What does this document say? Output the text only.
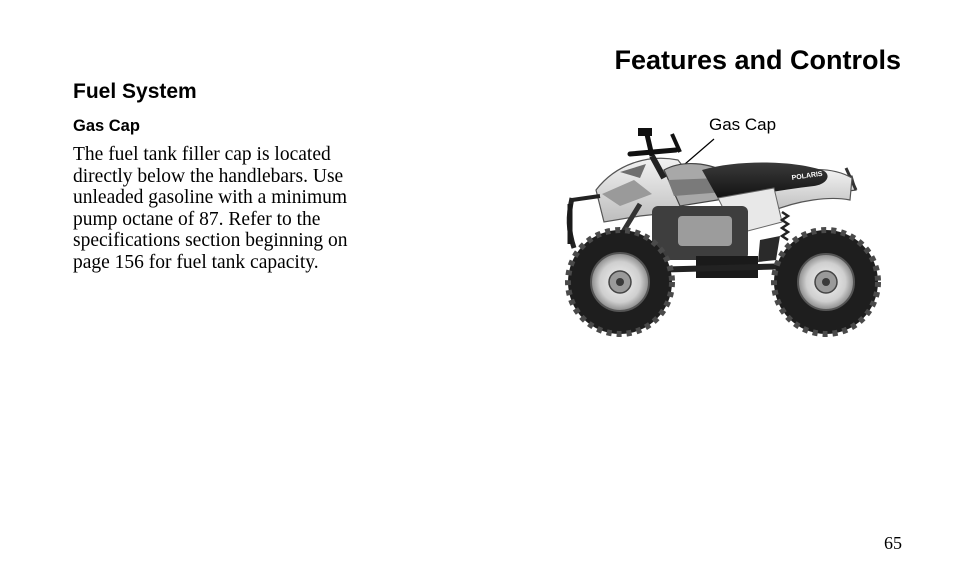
Features and Controls
Fuel System
Gas Cap
The fuel tank filler cap is located
directly below the handlebars. Use
unleaded gasoline with a minimum
pump octane of 87. Refer to the
specifications section beginning on
page 156 for fuel tank capacity.
Gas Cap
POLARIS
65
